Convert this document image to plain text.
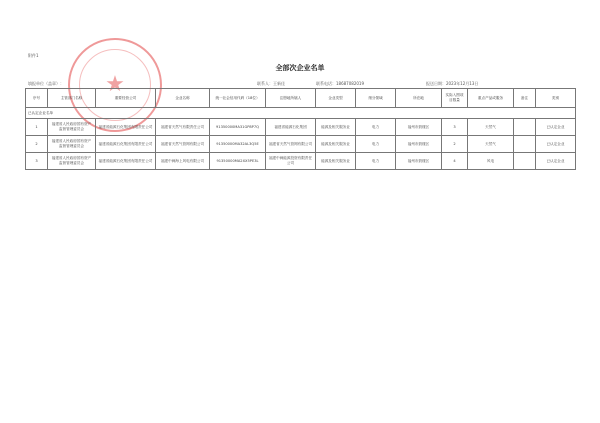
★
附件1
全部次企业名单
填报单位（盖章）：	联系人：王新佳	联系电话：18687082019	报送日期：2023年12月13日
序号	主管部门名称	重要经营公司	企业名称	统一社会信用代码（18位）	注册地所辖人	企业类型	细分领域	所在地	实际入围项目数量	重点产品或服务	备注	类别
已认定企业名单												
1	福建省人民政府国有资产监督管理委员会	福建省能源石化集团有限责任公司	福建省天然气有限责任公司	91350000MA31GP8P7Q	福建省能源石化集团	能源及相关服务业	电力	福州市鼓楼区	3	天然气		已认定企业
2	福建省人民政府国有资产监督管理委员会	福建省能源石化集团有限责任公司	福建省天然气管网有限公司	91350000MA32AL3Q5E	福建省天然气管网有限公司	能源及相关服务业	电力	福州市鼓楼区	2	天然气		已认定企业
3	福建省人民政府国有资产监督管理委员会	福建省能源石化集团有限责任公司	福建中闽海上风电有限公司	91350000MA2XX5PE3L	福建中闽能源投资有限责任公司	能源及相关服务业	电力	福州市鼓楼区	4	风电		已认定企业
